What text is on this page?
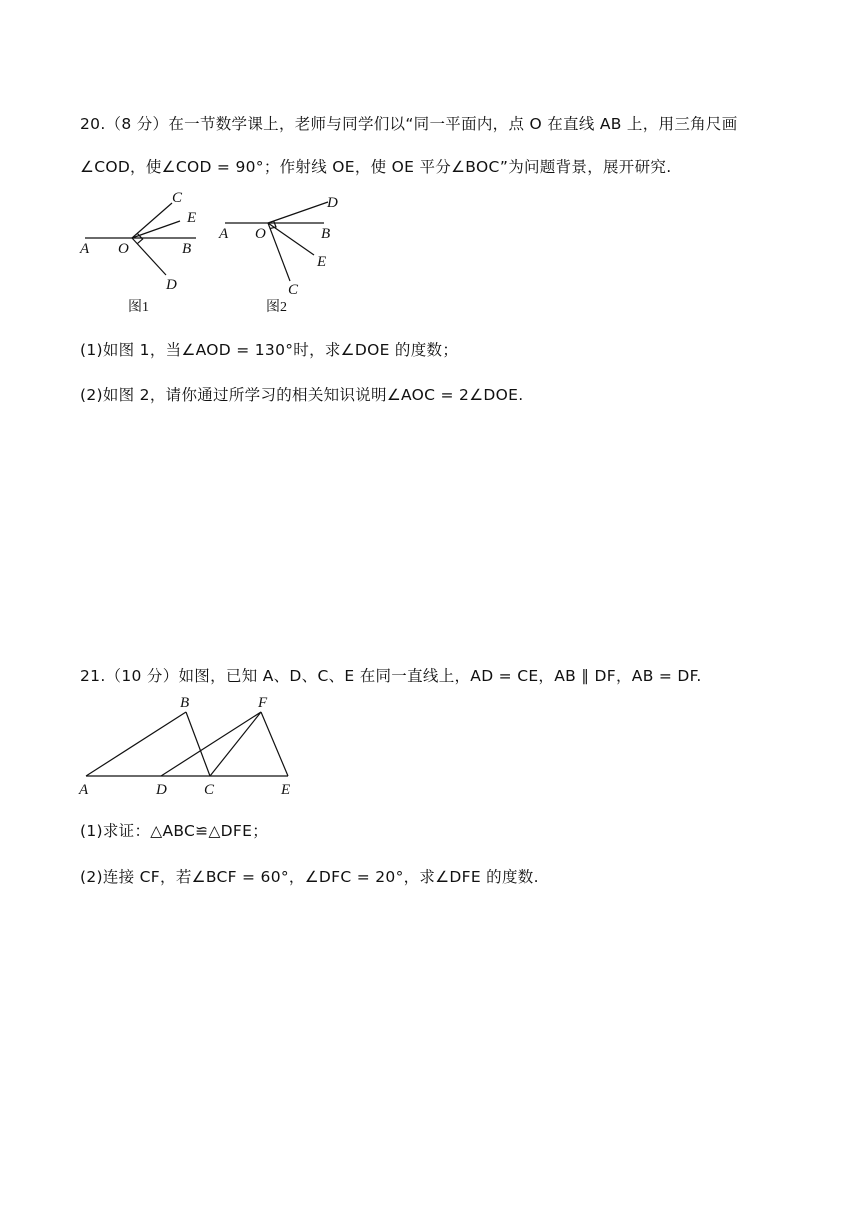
20.（8 分）在一节数学课上，老师与同学们以“同一平面内，点 O 在直线 AB 上，用三角尺画
∠COD，使∠COD = 90°；作射线 OE，使 OE 平分∠BOC”为问题背景，展开研究.
A O	B
C
E
D
图1
A O	B
D
E
C
图2
(1)如图 1，当∠AOD = 130°时，求∠DOE 的度数；
(2)如图 2，请你通过所学习的相关知识说明∠AOC = 2∠DOE.
21.（10 分）如图，已知 A、D、C、E 在同一直线上，AD = CE，AB ∥ DF，AB = DF.
A	D C	E
B	F
(1)求证：△ABC≌△DFE；
(2)连接 CF，若∠BCF = 60°，∠DFC = 20°，求∠DFE 的度数.
